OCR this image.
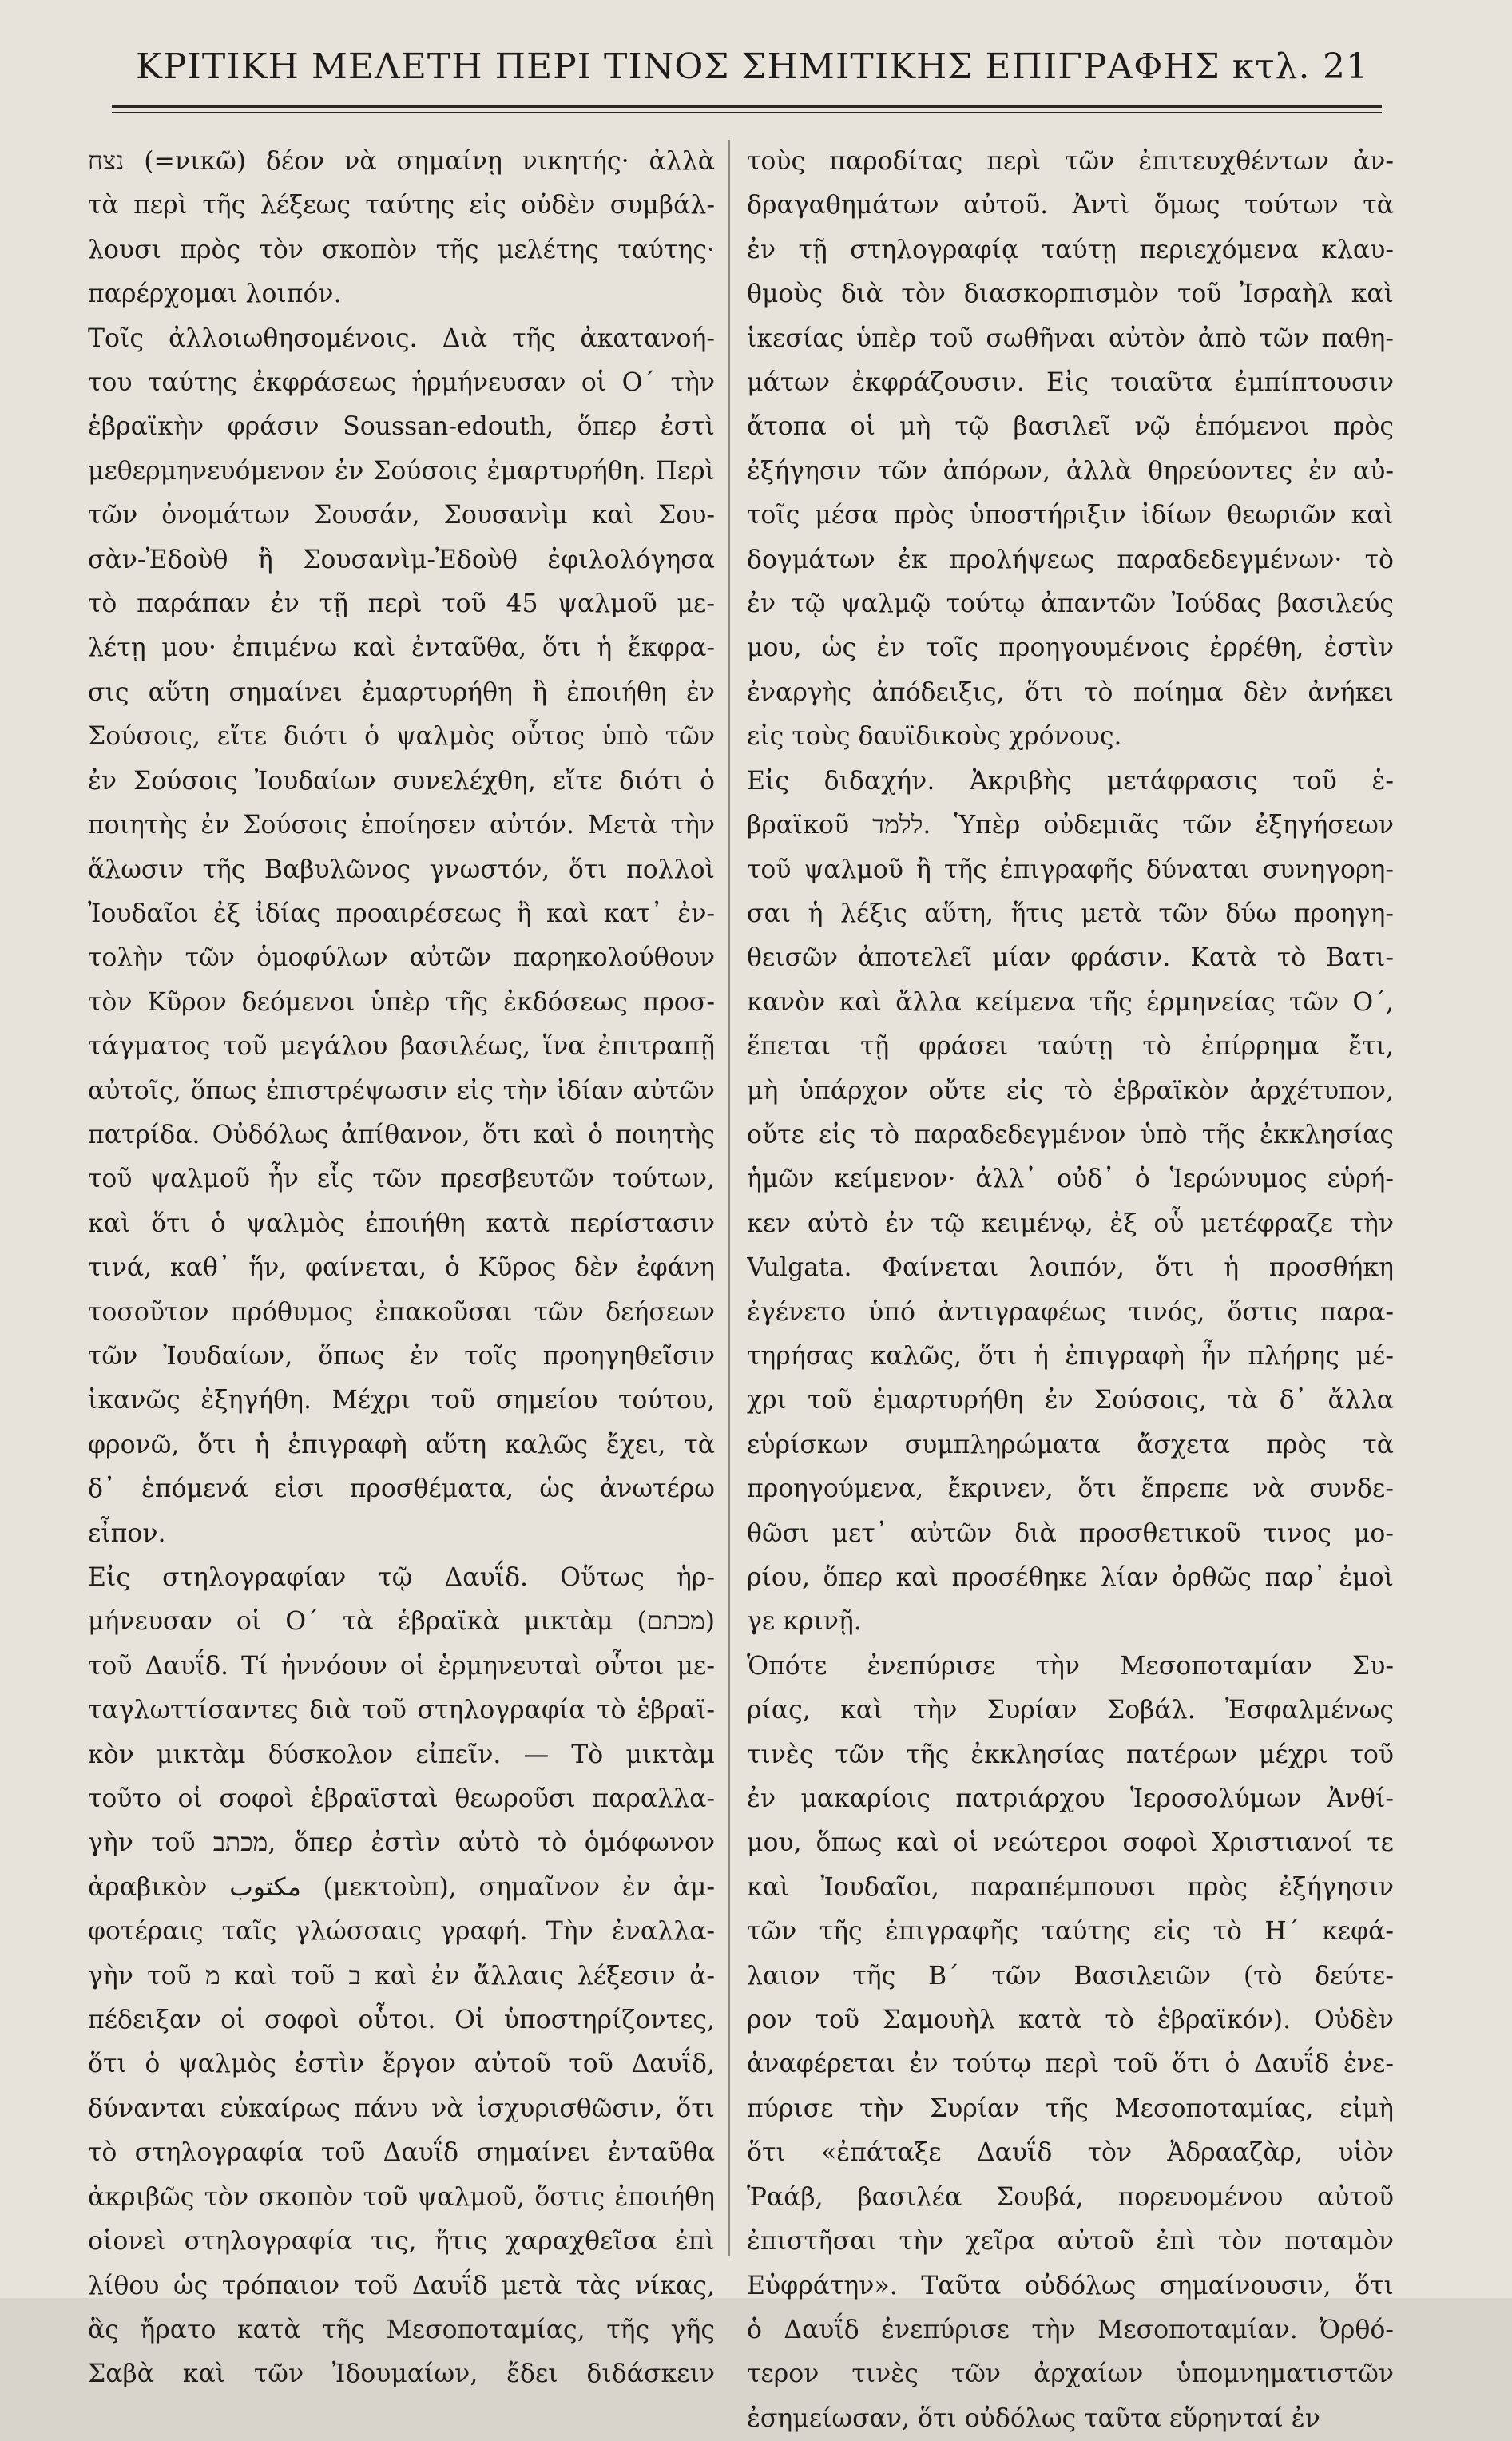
ΚΡΙΤΙΚΗ ΜΕΛΕΤΗ ΠΕΡΙ ΤΙΝΟΣ ΣΗΜΙΤΙΚΗΣ ΕΠΙΓΡΑΦΗΣ κτλ. 21
נצח (=νικῶ) δέον νὰ σημαίνῃ νικητής· ἀλλὰ
τὰ περὶ τῆς λέξεως ταύτης εἰς οὐδὲν συμβάλ-
λουσι πρὸς τὸν σκοπὸν τῆς μελέτης ταύτης·
παρέρχομαι λοιπόν.
Τοῖς ἀλλοιωθησομένοις. Διὰ τῆς ἀκατανοή-
του ταύτης ἐκφράσεως ἡρμήνευσαν οἱ Ο΄ τὴν
ἑβραϊκὴν φράσιν Soussan-edouth, ὅπερ ἐστὶ
μεθερμηνευόμενον ἐν Σούσοις ἐμαρτυρήθη. Περὶ
τῶν ὀνομάτων Σουσάν, Σουσανὶμ καὶ Σου-
σὰν-Ἐδοὺθ ἢ Σουσανὶμ-Ἐδοὺθ ἐφιλολόγησα
τὸ παράπαν ἐν τῇ περὶ τοῦ 45 ψαλμοῦ με-
λέτῃ μου· ἐπιμένω καὶ ἐνταῦθα, ὅτι ἡ ἔκφρα-
σις αὕτη σημαίνει ἐμαρτυρήθη ἢ ἐποιήθη ἐν
Σούσοις, εἴτε διότι ὁ ψαλμὸς οὗτος ὑπὸ τῶν
ἐν Σούσοις Ἰουδαίων συνελέχθη, εἴτε διότι ὁ
ποιητὴς ἐν Σούσοις ἐποίησεν αὐτόν. Μετὰ τὴν
ἅλωσιν τῆς Βαβυλῶνος γνωστόν, ὅτι πολλοὶ
Ἰουδαῖοι ἐξ ἰδίας προαιρέσεως ἢ καὶ κατ᾽ ἐν-
τολὴν τῶν ὁμοφύλων αὐτῶν παρηκολούθουν
τὸν Κῦρον δεόμενοι ὑπὲρ τῆς ἐκδόσεως προσ-
τάγματος τοῦ μεγάλου βασιλέως, ἵνα ἐπιτραπῇ
αὐτοῖς, ὅπως ἐπιστρέψωσιν εἰς τὴν ἰδίαν αὐτῶν
πατρίδα. Οὐδόλως ἀπίθανον, ὅτι καὶ ὁ ποιητὴς
τοῦ ψαλμοῦ ἦν εἷς τῶν πρεσβευτῶν τούτων,
καὶ ὅτι ὁ ψαλμὸς ἐποιήθη κατὰ περίστασιν
τινά, καθ᾽ ἥν, φαίνεται, ὁ Κῦρος δὲν ἐφάνη
τοσοῦτον πρόθυμος ἐπακοῦσαι τῶν δεήσεων
τῶν Ἰουδαίων, ὅπως ἐν τοῖς προηγηθεῖσιν
ἱκανῶς ἐξηγήθη. Μέχρι τοῦ σημείου τούτου,
φρονῶ, ὅτι ἡ ἐπιγραφὴ αὕτη καλῶς ἔχει, τὰ
δ᾽ ἑπόμενά εἰσι προσθέματα, ὡς ἀνωτέρω
εἶπον.
Εἰς στηλογραφίαν τῷ Δαυΐδ. Οὕτως ἡρ-
μήνευσαν οἱ Ο΄ τὰ ἑβραϊκὰ μικτὰμ (מכתם)
τοῦ Δαυΐδ. Τί ἠννόουν οἱ ἑρμηνευταὶ οὗτοι με-
ταγλωττίσαντες διὰ τοῦ στηλογραφία τὸ ἑβραϊ-
κὸν μικτὰμ δύσκολον εἰπεῖν. — Τὸ μικτὰμ
τοῦτο οἱ σοφοὶ ἑβραϊσταὶ θεωροῦσι παραλλα-
γὴν τοῦ מכתב, ὅπερ ἐστὶν αὐτὸ τὸ ὁμόφωνον
ἀραβικὸν مكتوب (μεκτοὺπ), σημαῖνον ἐν ἀμ-
φοτέραις ταῖς γλώσσαις γραφή. Τὴν ἐναλλα-
γὴν τοῦ מ καὶ τοῦ ב καὶ ἐν ἄλλαις λέξεσιν ἀ-
πέδειξαν οἱ σοφοὶ οὗτοι. Οἱ ὑποστηρίζοντες,
ὅτι ὁ ψαλμὸς ἐστὶν ἔργον αὐτοῦ τοῦ Δαυΐδ,
δύνανται εὐκαίρως πάνυ νὰ ἰσχυρισθῶσιν, ὅτι
τὸ στηλογραφία τοῦ Δαυΐδ σημαίνει ἐνταῦθα
ἀκριβῶς τὸν σκοπὸν τοῦ ψαλμοῦ, ὅστις ἐποιήθη
οἱονεὶ στηλογραφία τις, ἥτις χαραχθεῖσα ἐπὶ
λίθου ὡς τρόπαιον τοῦ Δαυΐδ μετὰ τὰς νίκας,
ἃς ἤρατο κατὰ τῆς Μεσοποταμίας, τῆς γῆς
Σαβὰ καὶ τῶν Ἰδουμαίων, ἔδει διδάσκειν
τοὺς παροδίτας περὶ τῶν ἐπιτευχθέντων ἀν-
δραγαθημάτων αὐτοῦ. Ἀντὶ ὅμως τούτων τὰ
ἐν τῇ στηλογραφίᾳ ταύτῃ περιεχόμενα κλαυ-
θμοὺς διὰ τὸν διασκορπισμὸν τοῦ Ἰσραὴλ καὶ
ἱκεσίας ὑπὲρ τοῦ σωθῆναι αὐτὸν ἀπὸ τῶν παθη-
μάτων ἐκφράζουσιν. Εἰς τοιαῦτα ἐμπίπτουσιν
ἄτοπα οἱ μὴ τῷ βασιλεῖ νῷ ἑπόμενοι πρὸς
ἐξήγησιν τῶν ἀπόρων, ἀλλὰ θηρεύοντες ἐν αὐ-
τοῖς μέσα πρὸς ὑποστήριξιν ἰδίων θεωριῶν καὶ
δογμάτων ἐκ προλήψεως παραδεδεγμένων· τὸ
ἐν τῷ ψαλμῷ τούτῳ ἀπαντῶν Ἰούδας βασιλεύς
μου, ὡς ἐν τοῖς προηγουμένοις ἐρρέθη, ἐστὶν
ἐναργὴς ἀπόδειξις, ὅτι τὸ ποίημα δὲν ἀνήκει
εἰς τοὺς δαυϊδικοὺς χρόνους.
Εἰς διδαχήν. Ἀκριβὴς μετάφρασις τοῦ ἑ-
βραϊκοῦ ללמד. Ὑπὲρ οὐδεμιᾶς τῶν ἐξηγήσεων
τοῦ ψαλμοῦ ἢ τῆς ἐπιγραφῆς δύναται συνηγορη-
σαι ἡ λέξις αὕτη, ἥτις μετὰ τῶν δύω προηγη-
θεισῶν ἀποτελεῖ μίαν φράσιν. Κατὰ τὸ Βατι-
κανὸν καὶ ἄλλα κείμενα τῆς ἑρμηνείας τῶν Ο΄,
ἕπεται τῇ φράσει ταύτῃ τὸ ἐπίρρημα ἔτι,
μὴ ὑπάρχον οὔτε εἰς τὸ ἑβραϊκὸν ἀρχέτυπον,
οὔτε εἰς τὸ παραδεδεγμένον ὑπὸ τῆς ἐκκλησίας
ἡμῶν κείμενον· ἀλλ᾽ οὐδ᾽ ὁ Ἱερώνυμος εὑρή-
κεν αὐτὸ ἐν τῷ κειμένῳ, ἐξ οὗ μετέφραζε τὴν
Vulgata. Φαίνεται λοιπόν, ὅτι ἡ προσθήκη
ἐγένετο ὑπό ἀντιγραφέως τινός, ὅστις παρα-
τηρήσας καλῶς, ὅτι ἡ ἐπιγραφὴ ἦν πλήρης μέ-
χρι τοῦ ἐμαρτυρήθη ἐν Σούσοις, τὰ δ᾽ ἄλλα
εὑρίσκων συμπληρώματα ἄσχετα πρὸς τὰ
προηγούμενα, ἔκρινεν, ὅτι ἔπρεπε νὰ συνδε-
θῶσι μετ᾽ αὐτῶν διὰ προσθετικοῦ τινος μο-
ρίου, ὅπερ καὶ προσέθηκε λίαν ὀρθῶς παρ᾽ ἐμοὶ
γε κρινῇ.
Ὁπότε ἐνεπύρισε τὴν Μεσοποταμίαν Συ-
ρίας, καὶ τὴν Συρίαν Σοβάλ. Ἐσφαλμένως
τινὲς τῶν τῆς ἐκκλησίας πατέρων μέχρι τοῦ
ἐν μακαρίοις πατριάρχου Ἱεροσολύμων Ἀνθί-
μου, ὅπως καὶ οἱ νεώτεροι σοφοὶ Χριστιανοί τε
καὶ Ἰουδαῖοι, παραπέμπουσι πρὸς ἐξήγησιν
τῶν τῆς ἐπιγραφῆς ταύτης εἰς τὸ Η΄ κεφά-
λαιον τῆς Β΄ τῶν Βασιλειῶν (τὸ δεύτε-
ρον τοῦ Σαμουὴλ κατὰ τὸ ἑβραϊκόν). Οὐδὲν
ἀναφέρεται ἐν τούτῳ περὶ τοῦ ὅτι ὁ Δαυΐδ ἐνε-
πύρισε τὴν Συρίαν τῆς Μεσοποταμίας, εἰμὴ
ὅτι «ἐπάταξε Δαυΐδ τὸν Ἀδρααζὰρ, υἱὸν
Ῥαάβ, βασιλέα Σουβά, πορευομένου αὐτοῦ
ἐπιστῆσαι τὴν χεῖρα αὐτοῦ ἐπὶ τὸν ποταμὸν
Εὐφράτην». Ταῦτα οὐδόλως σημαίνουσιν, ὅτι
ὁ Δαυΐδ ἐνεπύρισε τὴν Μεσοποταμίαν. Ὀρθό-
τερον τινὲς τῶν ἀρχαίων ὑπομνηματιστῶν
ἐσημείωσαν, ὅτι οὐδόλως ταῦτα εὕρηνταί ἐν
